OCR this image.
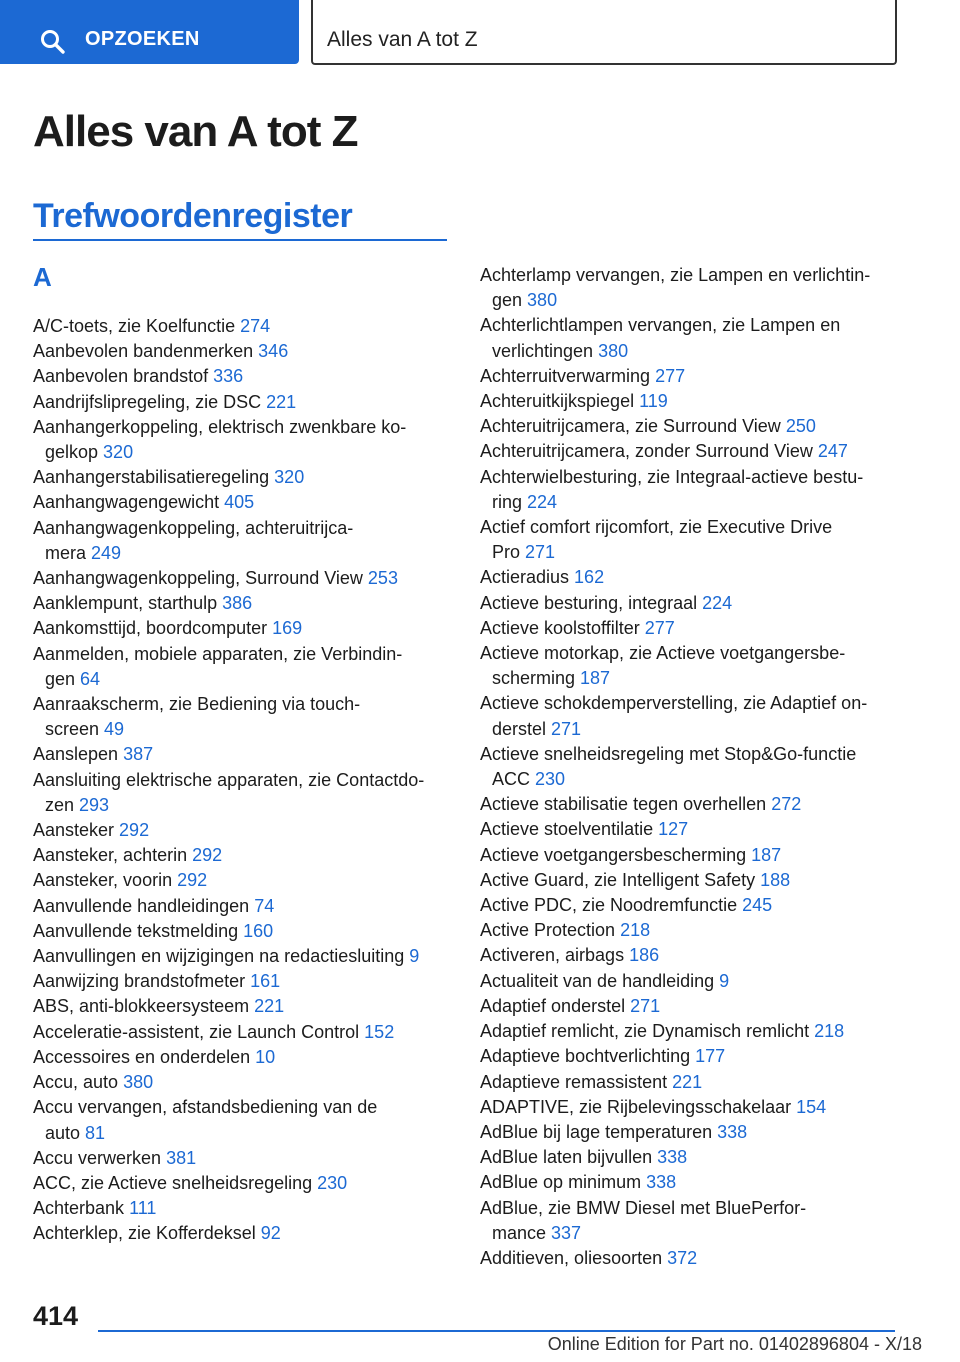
OPZOEKEN	Alles van A tot Z
Alles van A tot Z
Trefwoordenregister
A

A/C-toets, zie Koelfunctie 274

Aanbevolen bandenmerken 346

Aanbevolen brandstof 336

Aandrijfslipregeling, zie DSC 221

Aanhangerkoppeling, elektrisch zwenkbare ko‐
gelkop 320

Aanhangerstabilisatieregeling 320

Aanhangwagengewicht 405

Aanhangwagenkoppeling, achteruitrijca‐
mera 249

Aanhangwagenkoppeling, Surround View 253

Aanklempunt, starthulp 386

Aankomsttijd, boordcomputer 169

Aanmelden, mobiele apparaten, zie Verbindin‐
gen 64

Aanraakscherm, zie Bediening via touch‐
screen 49

Aanslepen 387

Aansluiting elektrische apparaten, zie Contactdo‐
zen 293

Aansteker 292

Aansteker, achterin 292

Aansteker, voorin 292

Aanvullende handleidingen 74

Aanvullende tekstmelding 160

Aanvullingen en wijzigingen na redactiesluiting 9

Aanwijzing brandstofmeter 161

ABS, anti-blokkeersysteem 221

Acceleratie-assistent, zie Launch Control 152

Accessoires en onderdelen 10

Accu, auto 380

Accu vervangen, afstandsbediening van de
auto 81

Accu verwerken 381

ACC, zie Actieve snelheidsregeling 230

Achterbank 111

Achterklep, zie Kofferdeksel 92

Achterlamp vervangen, zie Lampen en verlichtin‐
gen 380

Achterlichtlampen vervangen, zie Lampen en
verlichtingen 380

Achterruitverwarming 277

Achteruitkijkspiegel 119

Achteruitrijcamera, zie Surround View 250

Achteruitrijcamera, zonder Surround View 247

Achterwielbesturing, zie Integraal-actieve bestu‐
ring 224

Actief comfort rijcomfort, zie Executive Drive
Pro 271

Actieradius 162

Actieve besturing, integraal 224

Actieve koolstoffilter 277

Actieve motorkap, zie Actieve voetgangersbe‐
scherming 187

Actieve schokdemperverstelling, zie Adaptief on‐
derstel 271

Actieve snelheidsregeling met Stop&Go-functie
ACC 230

Actieve stabilisatie tegen overhellen 272

Actieve stoelventilatie 127

Actieve voetgangersbescherming 187

Active Guard, zie Intelligent Safety 188

Active PDC, zie Noodremfunctie 245

Active Protection 218

Activeren, airbags 186

Actualiteit van de handleiding 9

Adaptief onderstel 271

Adaptief remlicht, zie Dynamisch remlicht 218

Adaptieve bochtverlichting 177

Adaptieve remassistent 221

ADAPTIVE, zie Rijbelevingsschakelaar 154

AdBlue bij lage temperaturen 338

AdBlue laten bijvullen 338

AdBlue op minimum 338

AdBlue, zie BMW Diesel met BluePerfor‐
mance 337

Additieven, oliesoorten 372

414
Online Edition for Part no. 01402896804 - X/18
